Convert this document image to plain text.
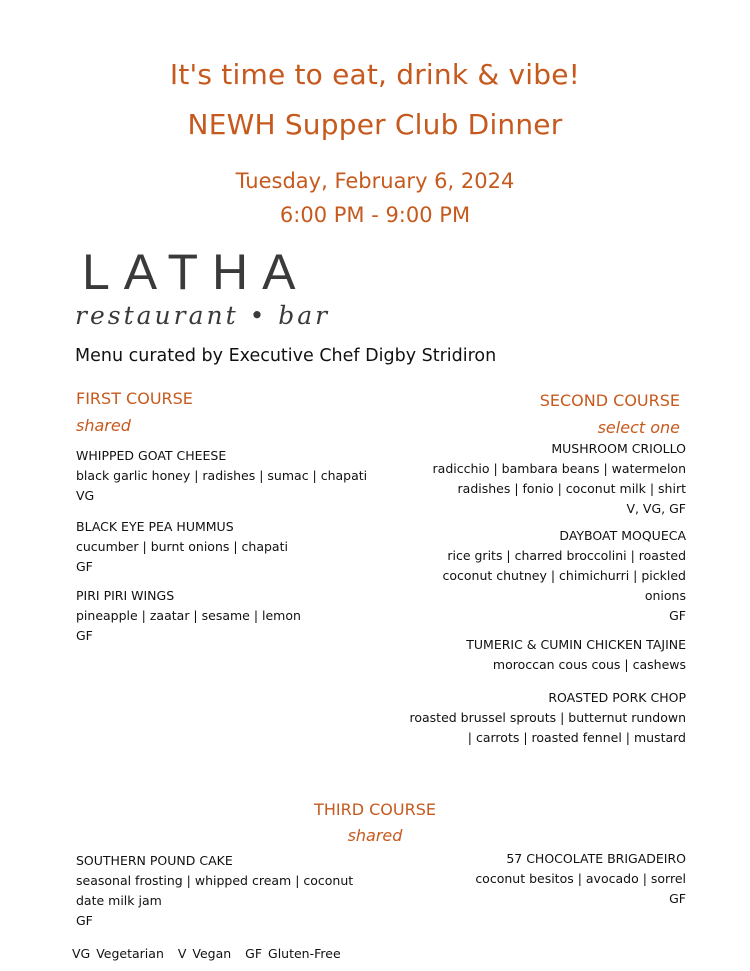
It's time to eat, drink & vibe!
NEWH Supper Club Dinner
Tuesday, February 6, 2024
6:00 PM - 9:00 PM
LATHA
restaurant • bar
Menu curated by Executive Chef Digby Stridiron
FIRST COURSE
shared
WHIPPED GOAT CHEESE
black garlic honey | radishes | sumac | chapati
VG
BLACK EYE PEA HUMMUS
cucumber | burnt onions | chapati
GF
PIRI PIRI WINGS
pineapple | zaatar | sesame | lemon
GF
SECOND COURSE
select one
MUSHROOM CRIOLLO
radicchio | bambara beans | watermelon
radishes | fonio | coconut milk | shirt
V, VG, GF
DAYBOAT MOQUECA
rice grits | charred broccolini | roasted
coconut chutney | chimichurri | pickled
onions
GF
TUMERIC & CUMIN CHICKEN TAJINE
moroccan cous cous | cashews
ROASTED PORK CHOP
roasted brussel sprouts | butternut rundown
| carrots | roasted fennel | mustard
THIRD COURSE
shared
SOUTHERN POUND CAKE
seasonal frosting | whipped cream | coconut
date milk jam
GF
57 CHOCOLATE BRIGADEIRO
coconut besitos | avocado | sorrel
GF
VG Vegetarian V Vegan GF Gluten-Free
